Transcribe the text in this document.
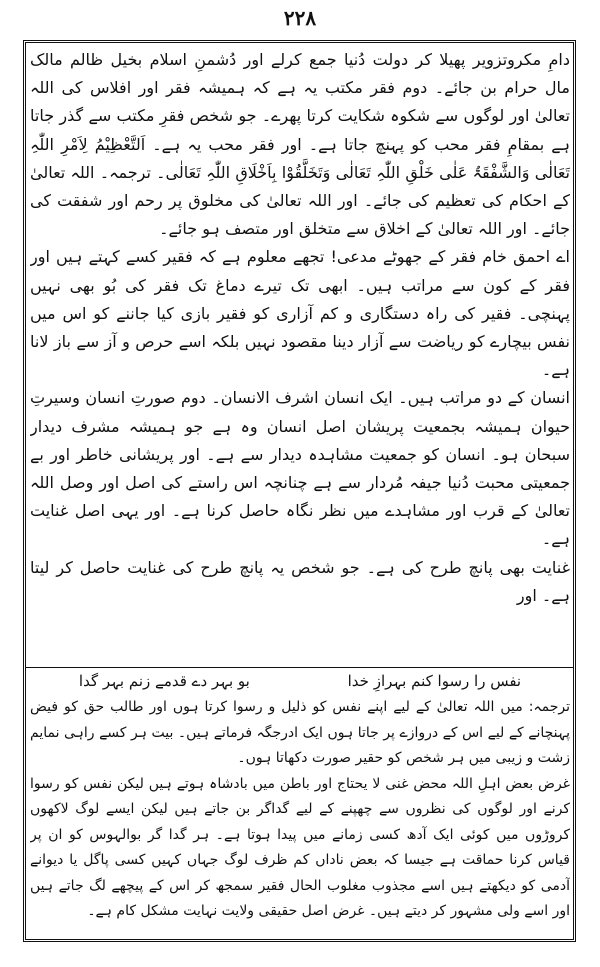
۲۲۸

دامِ مکروتزویر پھیلا کر دولت دُنیا جمع کرلے اور دُشمنِ اسلام بخیل ظالم مالک مال حرام بن جائے۔ دوم فقر مکتب یہ ہے کہ ہمیشہ فقر اور افلاس کی اللہ تعالیٰ اور لوگوں سے شکوہ شکایت کرتا پھرے۔ جو شخص فقرِ مکتب سے گذر جاتا ہے بمقامِ فقر محب کو پہنچ جاتا ہے۔ اور فقر محب یہ ہے۔ اَلتَّعْظِیْمُ لِاَمْرِ اللّٰہِ تَعَالٰی وَالشَّفْقَۃُ عَلٰی خَلْقِ اللّٰہِ تَعَالٰی وَتَخَلَّقُوْا بِاَخْلَاقِ اللّٰہِ تَعَالٰی۔ ترجمہ۔ اللہ تعالیٰ کے احکام کی تعظیم کی جائے۔ اور اللہ تعالیٰ کی مخلوق پر رحم اور شفقت کی جائے۔ اور اللہ تعالیٰ کے اخلاق سے متخلق اور متصف ہو جائے۔

اے احمق خام فقر کے جھوٹے مدعی! تجھے معلوم ہے کہ فقیر کسے کہتے ہیں اور فقر کے کون سے مراتب ہیں۔ ابھی تک تیرے دماغ تک فقر کی بُو بھی نہیں پہنچی۔ فقیر کی راہ دستگاری و کم آزاری کو فقیر بازی کیا جاننے کو اس میں نفس بیچارے کو ریاضت سے آزار دینا مقصود نہیں بلکہ اسے حرص و آز سے باز لانا ہے۔

انسان کے دو مراتب ہیں۔ ایک انسان اشرف الانسان۔ دوم صورتِ انسان وسیرتِ حیوان ہمیشہ بجمعیت پریشان اصل انسان وہ ہے جو ہمیشہ مشرف دیدار سبحان ہو۔ انسان کو جمعیت مشاہدہ دیدار سے ہے۔ اور پریشانی خاطر اور بے جمعیتی محبت دُنیا جیفہ مُردار سے ہے چنانچہ اس راستے کی اصل اور وصل اللہ تعالیٰ کے قرب اور مشاہدے میں نظر نگاہ حاصل کرنا ہے۔ اور یہی اصل غنایت ہے۔

غنایت بھی پانچ طرح کی ہے۔ جو شخص یہ پانچ طرح کی غنایت حاصل کر لیتا ہے۔ اور

نفس را رسوا کنم بہرازِ خدا
بو بہر دے قدمے زنم بہر گدا

ترجمہ: میں اللہ تعالیٰ کے لیے اپنے نفس کو ذلیل و رسوا کرتا ہوں اور طالب حق کو فیض پہنچانے کے لیے اس کے دروازے پر جاتا ہوں ایک ادرجگہ فرماتے ہیں۔ بیت ہر کسے راہی نمایم زشت و زیبی میں ہر شخص کو حقیر صورت دکھاتا ہوں۔

غرض بعض اہلِ اللہ محض غنی لا یحتاج اور باطن میں بادشاہ ہوتے ہیں لیکن نفس کو رسوا کرنے اور لوگوں کی نظروں سے چھپنے کے لیے گداگر بن جاتے ہیں لیکن ایسے لوگ لاکھوں کروڑوں میں کوئی ایک آدھ کسی زمانے میں پیدا ہوتا ہے۔ ہر گدا گر بوالہوس کو ان پر قیاس کرنا حماقت ہے جیسا کہ بعض ناداں کم ظرف لوگ جہاں کہیں کسی پاگل یا دیوانے آدمی کو دیکھتے ہیں اسے مجذوب مغلوب الحال فقیر سمجھ کر اس کے پیچھے لگ جاتے ہیں اور اسے ولی مشہور کر دیتے ہیں۔ غرض اصل حقیقی ولایت نہایت مشکل کام ہے۔
